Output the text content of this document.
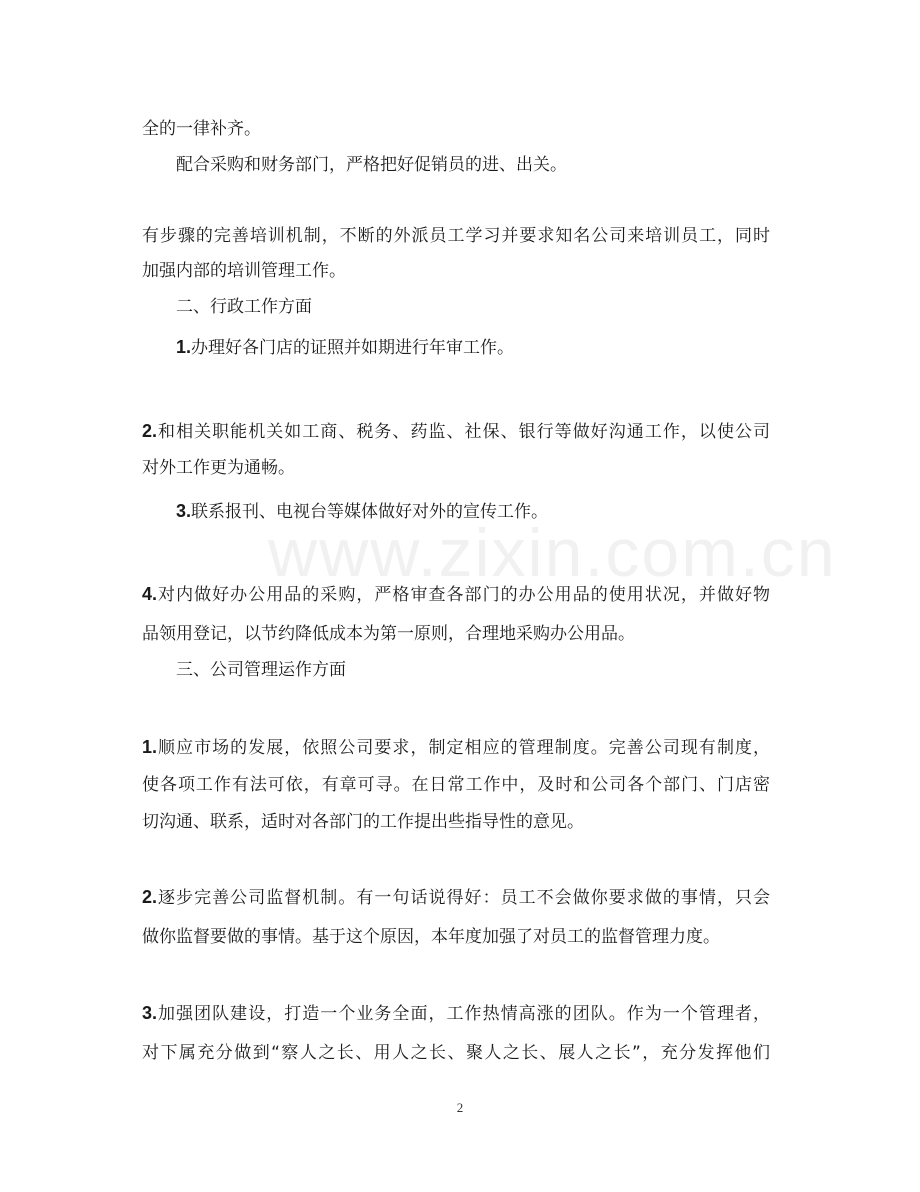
www.zixin.com.cn
全的一律补齐。
配合采购和财务部门，严格把好促销员的进、出关。
有步骤的完善培训机制，不断的外派员工学习并要求知名公司来培训员工，同时
加强内部的培训管理工作。
二、行政工作方面
1.办理好各门店的证照并如期进行年审工作。
2.和相关职能机关如工商、税务、药监、社保、银行等做好沟通工作，以使公司
对外工作更为通畅。
3.联系报刊、电视台等媒体做好对外的宣传工作。
4.对内做好办公用品的采购，严格审查各部门的办公用品的使用状况，并做好物
品领用登记，以节约降低成本为第一原则，合理地采购办公用品。
三、公司管理运作方面
1.顺应市场的发展，依照公司要求，制定相应的管理制度。完善公司现有制度，
使各项工作有法可依，有章可寻。在日常工作中，及时和公司各个部门、门店密
切沟通、联系，适时对各部门的工作提出些指导性的意见。
2.逐步完善公司监督机制。有一句话说得好：员工不会做你要求做的事情，只会
做你监督要做的事情。基于这个原因，本年度加强了对员工的监督管理力度。
3.加强团队建设，打造一个业务全面，工作热情高涨的团队。作为一个管理者，
对下属充分做到“察人之长、用人之长、聚人之长、展人之长”，充分发挥他们
2
